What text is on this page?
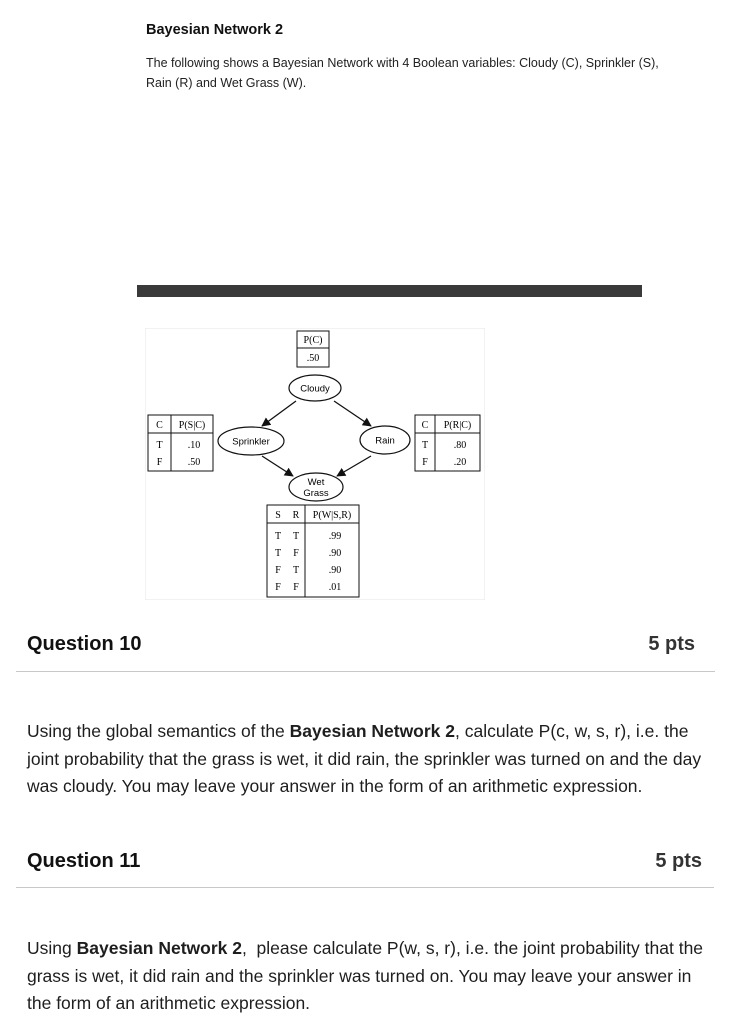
Bayesian Network 2
The following shows a Bayesian Network with 4 Boolean variables: Cloudy (C), Sprinkler (S), Rain (R) and Wet Grass (W).
P(C)
.50
Cloudy
Sprinkler	Rain
Wet
Grass
C P(S|C)
T	.10
F	.50
C P(R|C)
T	.80
F	.20
S R P(W|S,R)
T T	.99
T F	.90
F T	.90
F F	.01
Question 10	5 pts
Using the global semantics of the Bayesian Network 2, calculate P(c, w, s, r), i.e. the joint probability that the grass is wet, it did rain, the sprinkler was turned on and the day was cloudy. You may leave your answer in the form of an arithmetic expression.
Question 11	5 pts
Using Bayesian Network 2,  please calculate P(w, s, r), i.e. the joint probability that the grass is wet, it did rain and the sprinkler was turned on. You may leave your answer in the form of an arithmetic expression.
